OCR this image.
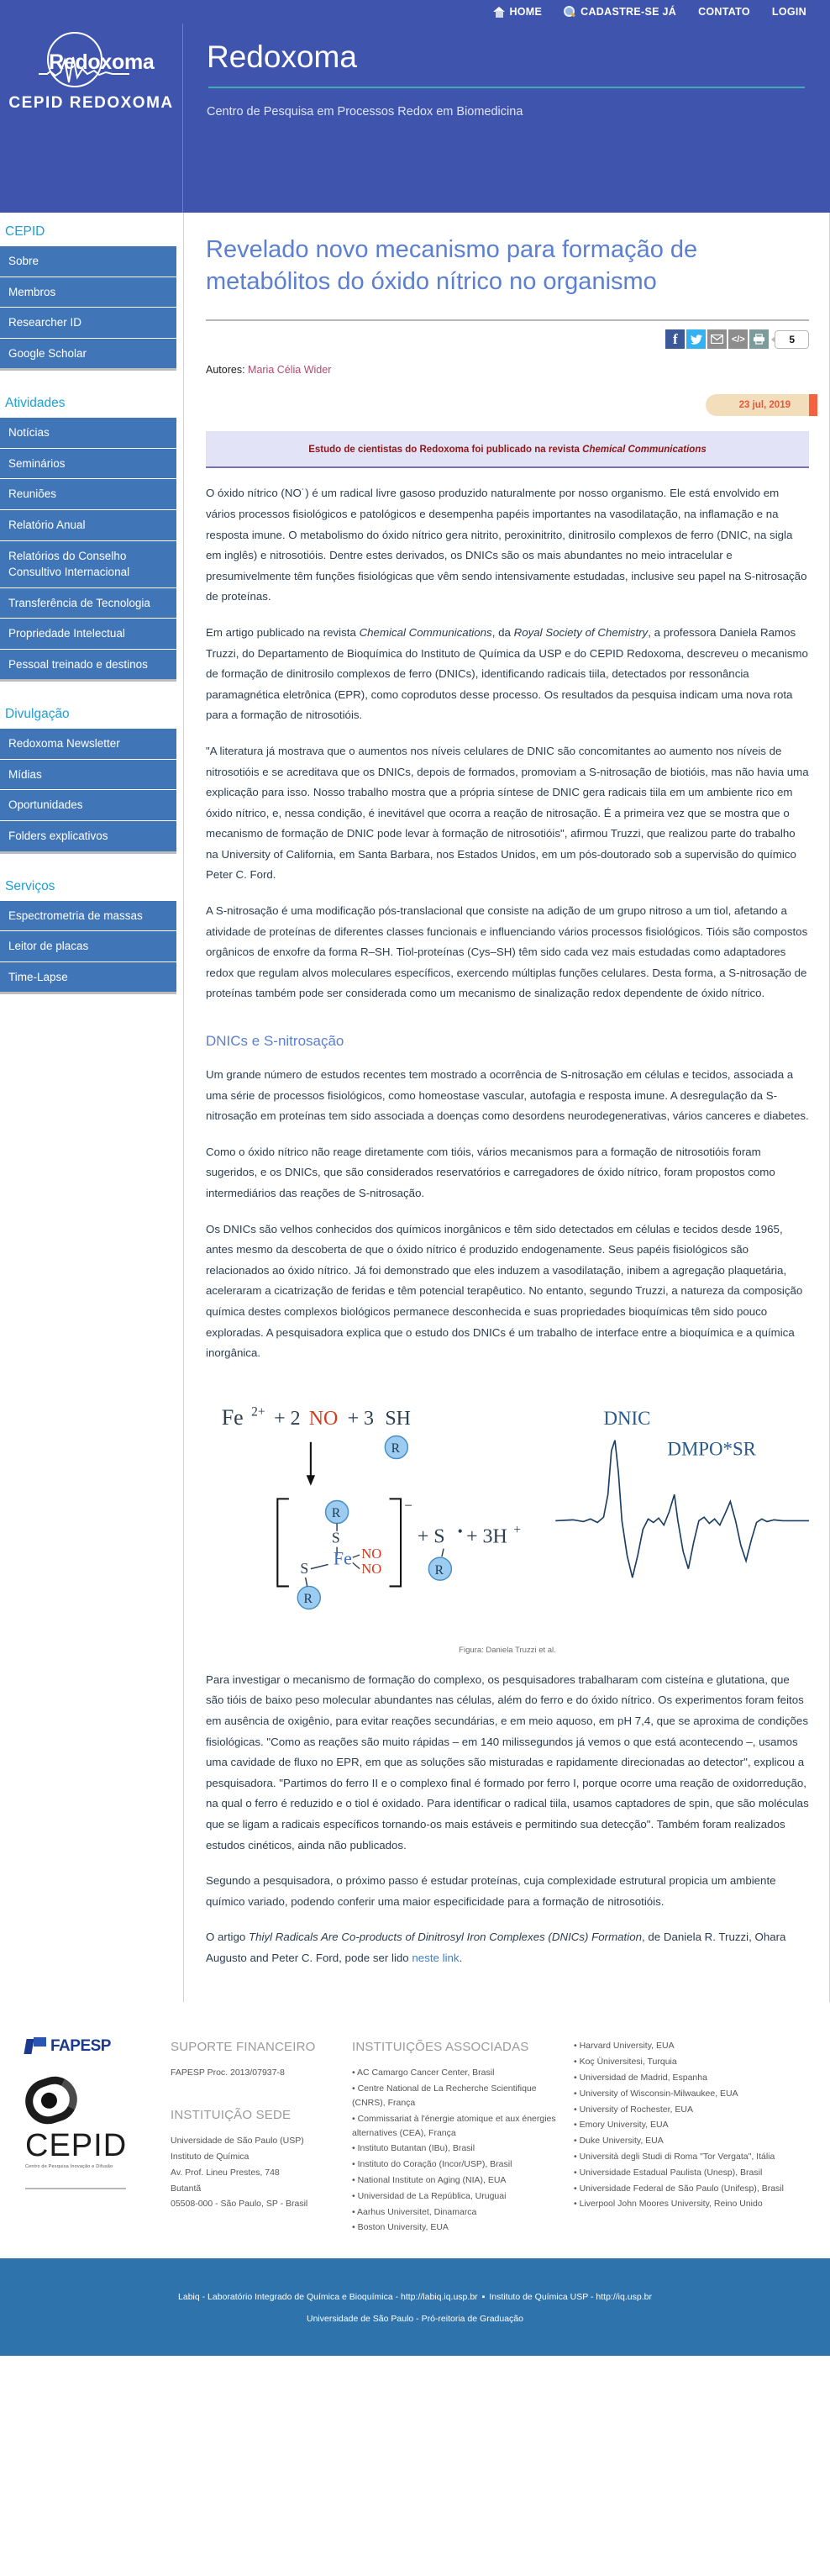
HOME	CADASTRE-SE JÁ CONTATO LOGIN
Redoxoma
CEPID REDOXOMA
Redoxoma
Centro de Pesquisa em Processos Redox em Biomedicina
CEPID
Sobre
Membros
Researcher ID
Google Scholar
Atividades
Notícias
Seminários
Reuniões
Relatório Anual
Relatórios do Conselho Consultivo Internacional
Transferência de Tecnologia
Propriedade Intelectual
Pessoal treinado e destinos
Divulgação
Redoxoma Newsletter
Mídias
Oportunidades
Folders explicativos
Serviços
Espectrometria de massas
Leitor de placas
Time-Lapse
Revelado novo mecanismo para formação de metabólitos do óxido nítrico no organismo
f	</>	5
Autores: Maria Célia Wider
23 jul, 2019
Estudo de cientistas do Redoxoma foi publicado na revista Chemical Communications

O óxido nítrico (NO˙) é um radical livre gasoso produzido naturalmente por nosso organismo. Ele está envolvido em vários processos fisiológicos e patológicos e desempenha papéis importantes na vasodilatação, na inflamação e na resposta imune. O metabolismo do óxido nítrico gera nitrito, peroxinitrito, dinitrosilo complexos de ferro (DNIC, na sigla em inglês) e nitrosotióis. Dentre estes derivados, os DNICs são os mais abundantes no meio intracelular e presumivelmente têm funções fisiológicas que vêm sendo intensivamente estudadas, inclusive seu papel na S-nitrosação de proteínas.

Em artigo publicado na revista Chemical Communications, da Royal Society of Chemistry, a professora Daniela Ramos Truzzi, do Departamento de Bioquímica do Instituto de Química da USP e do CEPID Redoxoma, descreveu o mecanismo de formação de dinitrosilo complexos de ferro (DNICs), identificando radicais tiila, detectados por ressonância paramagnética eletrônica (EPR), como coprodutos desse processo. Os resultados da pesquisa indicam uma nova rota para a formação de nitrosotióis.

"A literatura já mostrava que o aumentos nos níveis celulares de DNIC são concomitantes ao aumento nos níveis de nitrosotióis e se acreditava que os DNICs, depois de formados, promoviam a S-nitrosação de biotióis, mas não havia uma explicação para isso. Nosso trabalho mostra que a própria síntese de DNIC gera radicais tiila em um ambiente rico em óxido nítrico, e, nessa condição, é inevitável que ocorra a reação de nitrosação. É a primeira vez que se mostra que o mecanismo de formação de DNIC pode levar à formação de nitrosotióis", afirmou Truzzi, que realizou parte do trabalho na University of California, em Santa Barbara, nos Estados Unidos, em um pós-doutorado sob a supervisão do químico Peter C. Ford.

A S-nitrosação é uma modificação pós-translacional que consiste na adição de um grupo nitroso a um tiol, afetando a atividade de proteínas de diferentes classes funcionais e influenciando vários processos fisiológicos. Tióis são compostos orgânicos de enxofre da forma R–SH. Tiol-proteínas (Cys–SH) têm sido cada vez mais estudadas como adaptadores redox que regulam alvos moleculares específicos, exercendo múltiplas funções celulares. Desta forma, a S-nitrosação de proteínas também pode ser considerada como um mecanismo de sinalização redox dependente de óxido nítrico.

DNICs e S-nitrosação

Um grande número de estudos recentes tem mostrado a ocorrência de S-nitrosação em células e tecidos, associada a uma série de processos fisiológicos, como homeostase vascular, autofagia e resposta imune. A desregulação da S-nitrosação em proteínas tem sido associada a doenças como desordens neurodegenerativas, vários canceres e diabetes.

Como o óxido nítrico não reage diretamente com tióis, vários mecanismos para a formação de nitrosotióis foram sugeridos, e os DNICs, que são considerados reservatórios e carregadores de óxido nítrico, foram propostos como intermediários das reações de S-nitrosação.

Os DNICs são velhos conhecidos dos químicos inorgânicos e têm sido detectados em células e tecidos desde 1965, antes mesmo da descoberta de que o óxido nítrico é produzido endogenamente. Seus papéis fisiológicos são relacionados ao óxido nítrico. Já foi demonstrado que eles induzem a vasodilatação, inibem a agregação plaquetária, aceleraram a cicatrização de feridas e têm potencial terapêutico. No entanto, segundo Truzzi, a natureza da composição química destes complexos biológicos permanece desconhecida e suas propriedades bioquímicas têm sido pouco exploradas. A pesquisadora explica que o estudo dos DNICs é um trabalho de interface entre a bioquímica e a química inorgânica.

Fe 2+ + 2 NO + 3 SH
R
–
R
S
S Fe NO
NO
R
+ S • + 3H +
R
DNIC
DMPO*SR
Figura: Daniela Truzzi et al.

Para investigar o mecanismo de formação do complexo, os pesquisadores trabalharam com cisteína e glutationa, que são tióis de baixo peso molecular abundantes nas células, além do ferro e do óxido nítrico. Os experimentos foram feitos em ausência de oxigênio, para evitar reações secundárias, e em meio aquoso, em pH 7,4, que se aproxima de condições fisiológicas. "Como as reações são muito rápidas – em 140 milissegundos já vemos o que está acontecendo –, usamos uma cavidade de fluxo no EPR, em que as soluções são misturadas e rapidamente direcionadas ao detector", explicou a pesquisadora. "Partimos do ferro II e o complexo final é formado por ferro I, porque ocorre uma reação de oxidorredução, na qual o ferro é reduzido e o tiol é oxidado. Para identificar o radical tiila, usamos captadores de spin, que são moléculas que se ligam a radicais específicos tornando-os mais estáveis e permitindo sua detecção". Também foram realizados estudos cinéticos, ainda não publicados.

Segundo a pesquisadora, o próximo passo é estudar proteínas, cuja complexidade estrutural propicia um ambiente químico variado, podendo conferir uma maior especificidade para a formação de nitrosotióis.

O artigo Thiyl Radicals Are Co-products of Dinitrosyl Iron Complexes (DNICs) Formation, de Daniela R. Truzzi, Ohara Augusto and Peter C. Ford, pode ser lido neste link.

FAPESP
CEPID
Centro de Pesquisa Inovação e Difusão
SUPORTE FINANCEIRO
FAPESP Proc. 2013/07937-8
INSTITUIÇÃO SEDE
Universidade de São Paulo (USP)
Instituto de Química
Av. Prof. Lineu Prestes, 748
Butantã
05508-000 - São Paulo, SP - Brasil
INSTITUIÇÕES ASSOCIADAS
• AC Camargo Cancer Center, Brasil
• Centre National de La Recherche Scientifique (CNRS), França
• Commissariat à l'énergie atomique et aux énergies alternatives (CEA), França
• Instituto Butantan (IBu), Brasil
• Instituto do Coração (Incor/USP), Brasil
• National Institute on Aging (NIA), EUA
• Universidad de La República, Uruguai
• Aarhus Universitet, Dinamarca
• Boston University, EUA
• Harvard University, EUA
• Koç Üniversitesi, Turquia
• Universidad de Madrid, Espanha
• University of Wisconsin-Milwaukee, EUA
• University of Rochester, EUA
• Emory University, EUA
• Duke University, EUA
• Università degli Studi di Roma "Tor Vergata", Itália
• Universidade Estadual Paulista (Unesp), Brasil
• Universidade Federal de São Paulo (Unifesp), Brasil
• Liverpool John Moores University, Reino Unido
Labiq - Laboratório Integrado de Química e Bioquímica - http://labiq.iq.usp.br ▪ Instituto de Química USP - http://iq.usp.br
Universidade de São Paulo - Pró-reitoria de Graduação
